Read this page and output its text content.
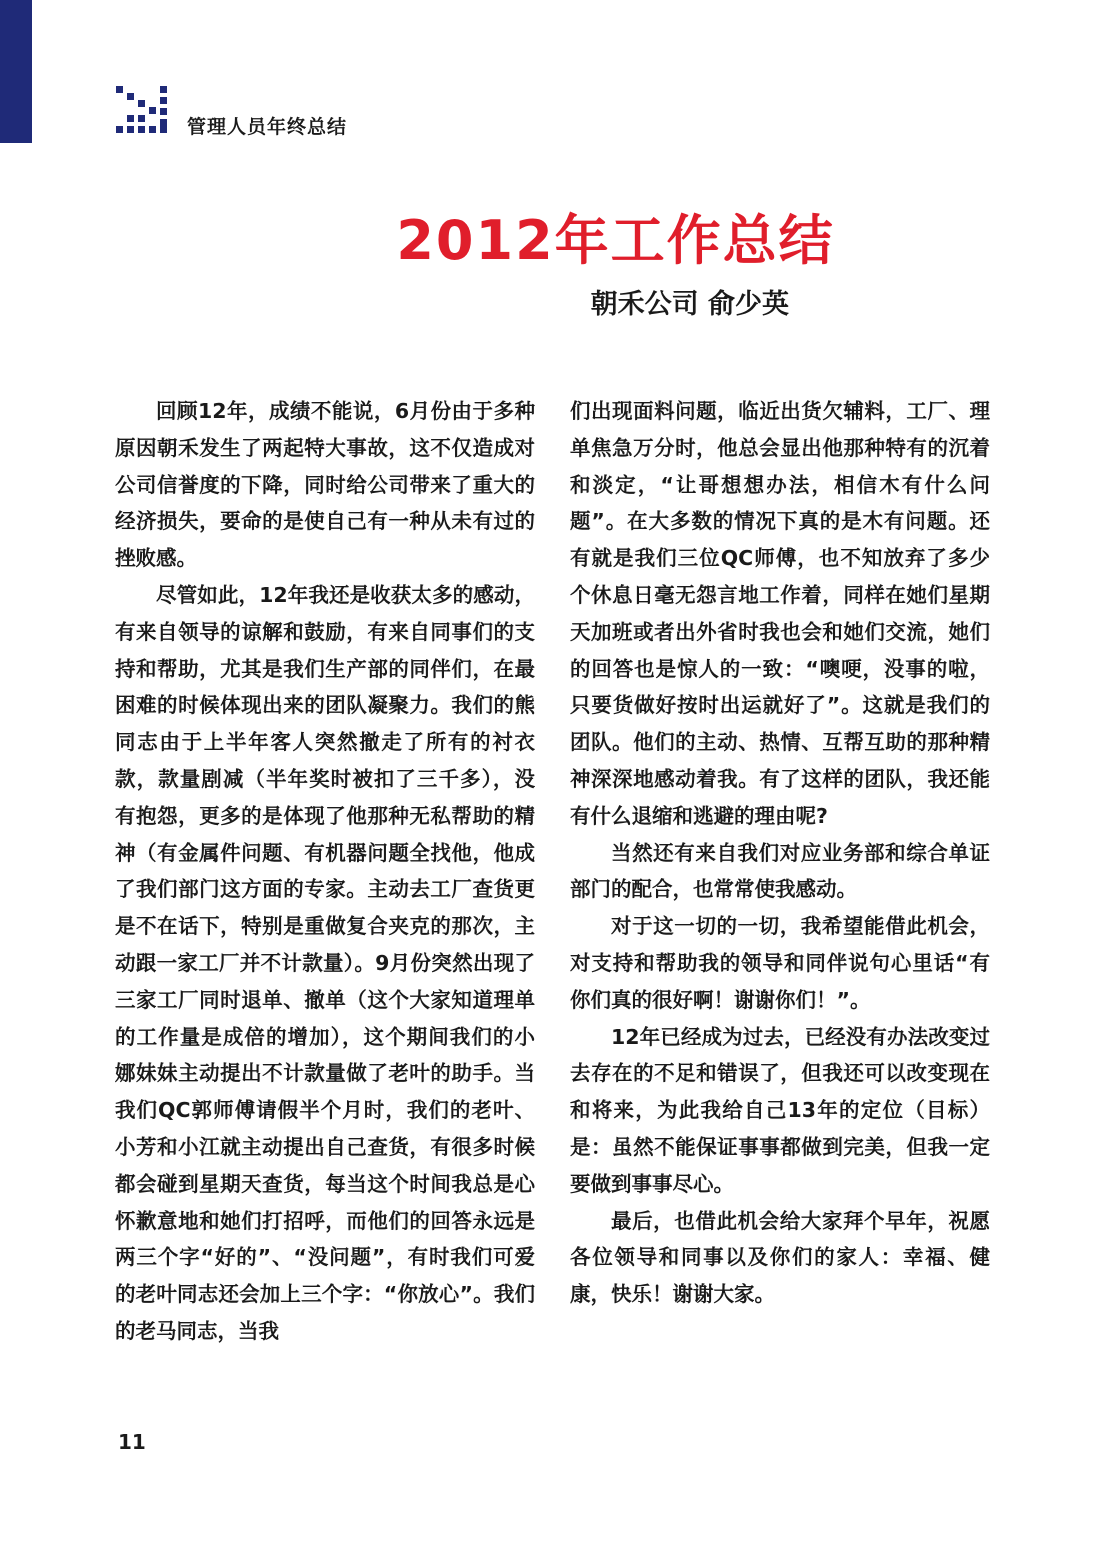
管理人员年终总结
2012年工作总结
朝禾公司 俞少英

回顾12年，成绩不能说，6月份由于多种原因朝禾发生了两起特大事故，这不仅造成对公司信誉度的下降，同时给公司带来了重大的经济损失，要命的是使自己有一种从未有过的挫败感。

尽管如此，12年我还是收获太多的感动，有来自领导的谅解和鼓励，有来自同事们的支持和帮助，尤其是我们生产部的同伴们，在最困难的时候体现出来的团队凝聚力。我们的熊同志由于上半年客人突然撤走了所有的衬衣款，款量剧减（半年奖时被扣了三千多），没有抱怨，更多的是体现了他那种无私帮助的精神（有金属件问题、有机器问题全找他，他成了我们部门这方面的专家。主动去工厂查货更是不在话下，特别是重做复合夹克的那次，主动跟一家工厂并不计款量）。9月份突然出现了三家工厂同时退单、撤单（这个大家知道理单的工作量是成倍的增加），这个期间我们的小娜妹妹主动提出不计款量做了老叶的助手。当我们QC郭师傅请假半个月时，我们的老叶、小芳和小江就主动提出自己查货，有很多时候都会碰到星期天查货，每当这个时间我总是心怀歉意地和她们打招呼，而他们的回答永远是两三个字“好的”、“没问题”，有时我们可爱的老叶同志还会加上三个字：“你放心”。我们的老马同志，当我

们出现面料问题，临近出货欠辅料，工厂、理单焦急万分时，他总会显出他那种特有的沉着和淡定，“让哥想想办法，相信木有什么问题”。在大多数的情况下真的是木有问题。还有就是我们三位QC师傅，也不知放弃了多少个休息日毫无怨言地工作着，同样在她们星期天加班或者出外省时我也会和她们交流，她们的回答也是惊人的一致：“噢哽，没事的啦，只要货做好按时出运就好了”。这就是我们的团队。他们的主动、热情、互帮互助的那种精神深深地感动着我。有了这样的团队，我还能有什么退缩和逃避的理由呢?

当然还有来自我们对应业务部和综合单证部门的配合，也常常使我感动。

对于这一切的一切，我希望能借此机会，对支持和帮助我的领导和同伴说句心里话“有你们真的很好啊！谢谢你们！”。

12年已经成为过去，已经没有办法改变过去存在的不足和错误了，但我还可以改变现在和将来，为此我给自己13年的定位（目标）是：虽然不能保证事事都做到完美，但我一定要做到事事尽心。

最后，也借此机会给大家拜个早年，祝愿各位领导和同事以及你们的家人：幸福、健康，快乐！谢谢大家。

11
